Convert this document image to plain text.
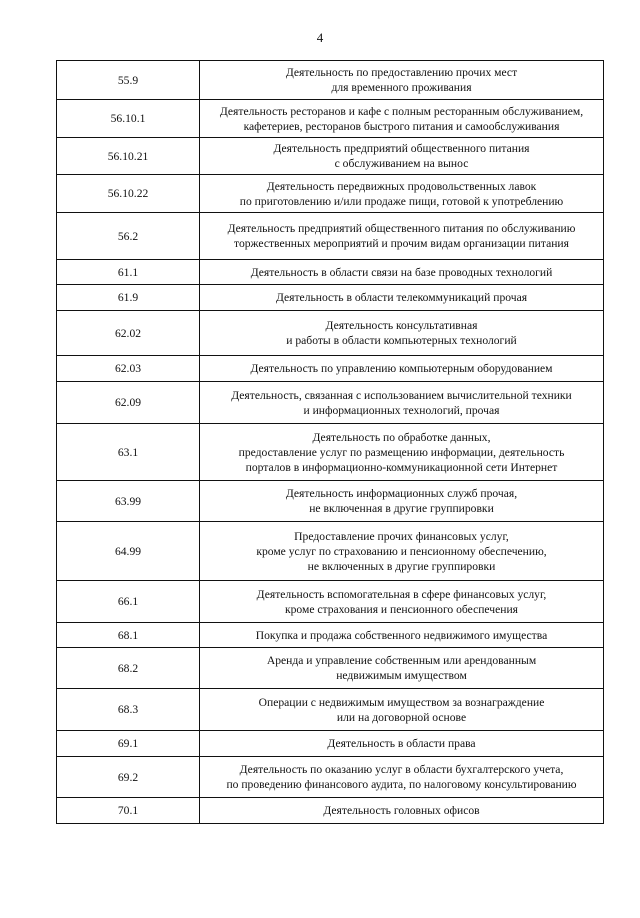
4
55.9	Деятельность по предоставлению прочих мест
для временного проживания
56.10.1	Деятельность ресторанов и кафе с полным ресторанным обслуживанием,
кафетериев, ресторанов быстрого питания и самообслуживания
56.10.21	Деятельность предприятий общественного питания
с обслуживанием на вынос
56.10.22	Деятельность передвижных продовольственных лавок
по приготовлению и/или продаже пищи, готовой к употреблению
56.2	Деятельность предприятий общественного питания по обслуживанию
торжественных мероприятий и прочим видам организации питания
61.1	Деятельность в области связи на базе проводных технологий
61.9	Деятельность в области телекоммуникаций прочая
62.02	Деятельность консультативная
и работы в области компьютерных технологий
62.03	Деятельность по управлению компьютерным оборудованием
62.09	Деятельность, связанная с использованием вычислительной техники
и информационных технологий, прочая
63.1	Деятельность по обработке данных,
предоставление услуг по размещению информации, деятельность
порталов в информационно-коммуникационной сети Интернет
63.99	Деятельность информационных служб прочая,
не включенная в другие группировки
64.99	Предоставление прочих финансовых услуг,
кроме услуг по страхованию и пенсионному обеспечению,
не включенных в другие группировки
66.1	Деятельность вспомогательная в сфере финансовых услуг,
кроме страхования и пенсионного обеспечения
68.1	Покупка и продажа собственного недвижимого имущества
68.2	Аренда и управление собственным или арендованным
недвижимым имуществом
68.3	Операции с недвижимым имуществом за вознаграждение
или на договорной основе
69.1	Деятельность в области права
69.2	Деятельность по оказанию услуг в области бухгалтерского учета,
по проведению финансового аудита, по налоговому консультированию
70.1	Деятельность головных офисов
